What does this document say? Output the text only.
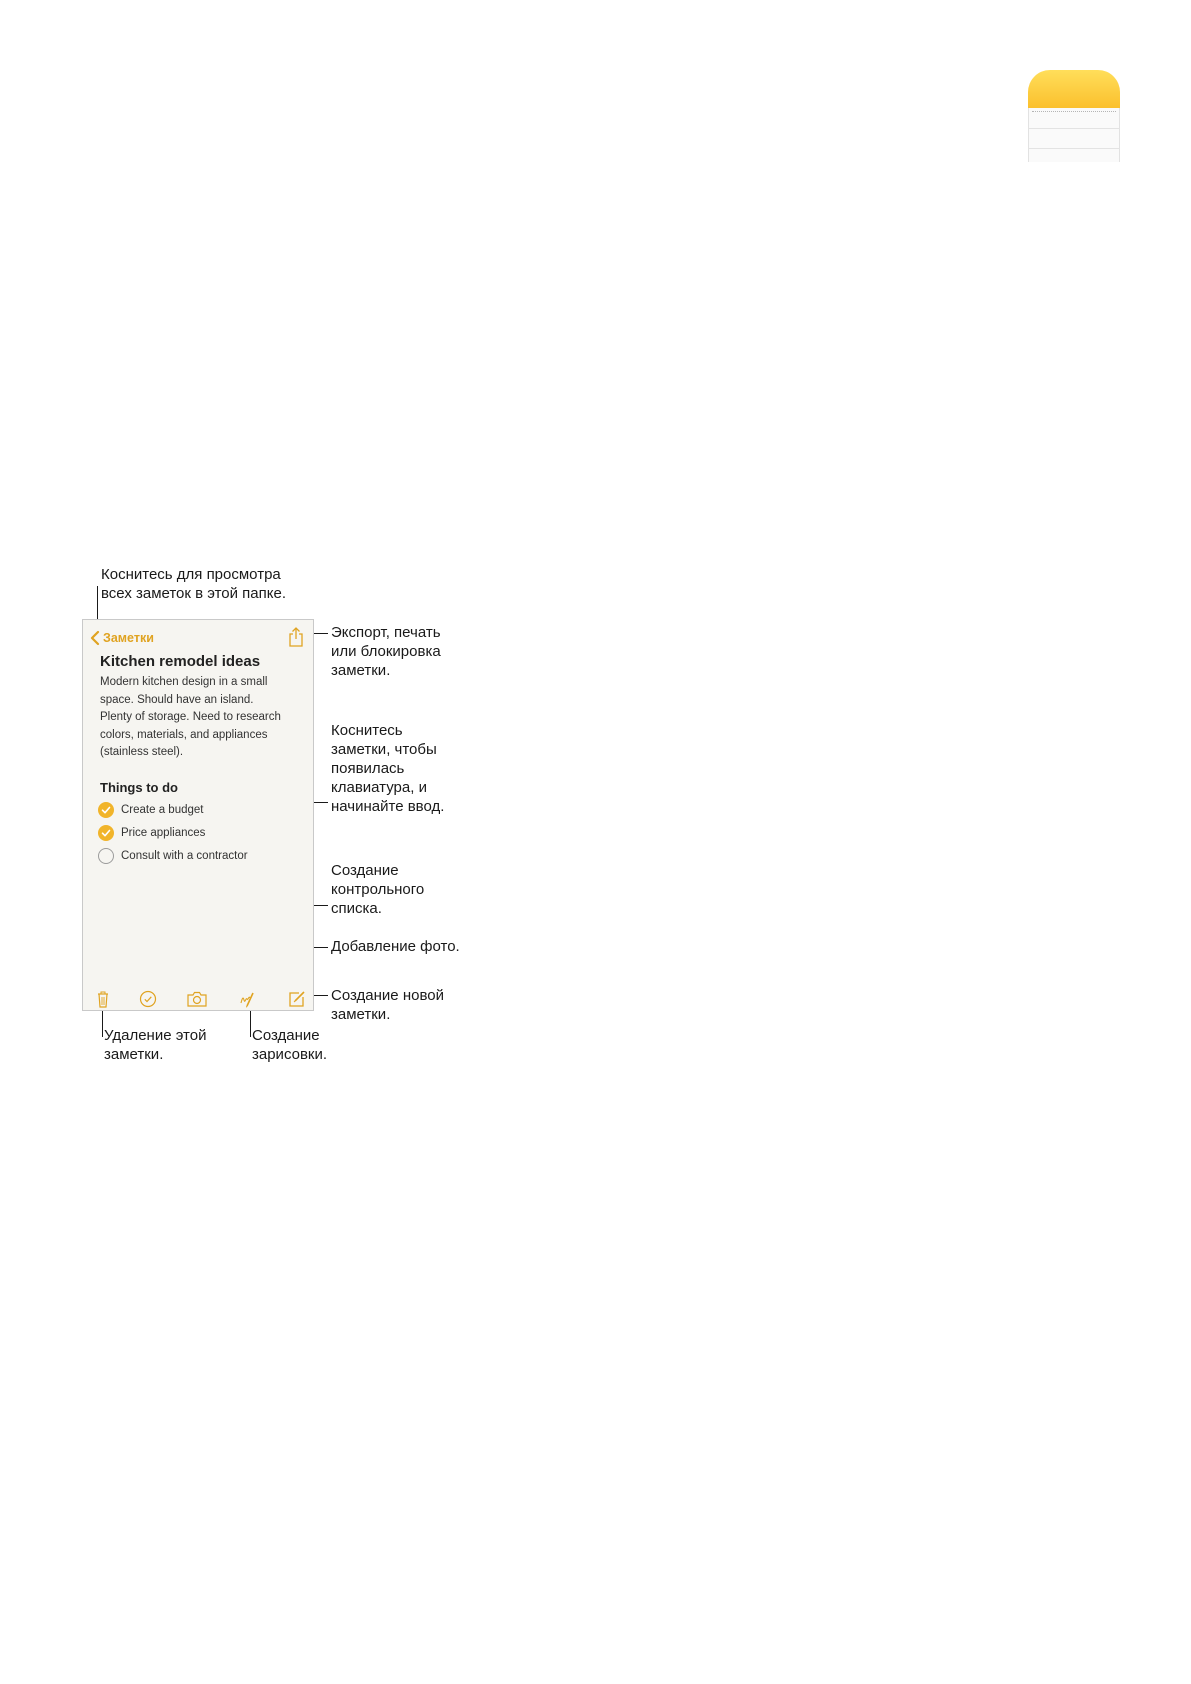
Коснитесь для просмотра
всех заметок в этой папке.
Экспорт, печать
или блокировка
заметки.
Коснитесь
заметки, чтобы
появилась
клавиатура, и
начинайте ввод.
Создание
контрольного
списка.
Добавление фото.
Создание новой
заметки.
Удаление этой
заметки.
Создание
зарисовки.
Заметки
Kitchen remodel ideas
Modern kitchen design in a small
space. Should have an island.
Plenty of storage. Need to research
colors, materials, and appliances
(stainless steel).
Things to do
Create a budget
Price appliances
Consult with a contractor
